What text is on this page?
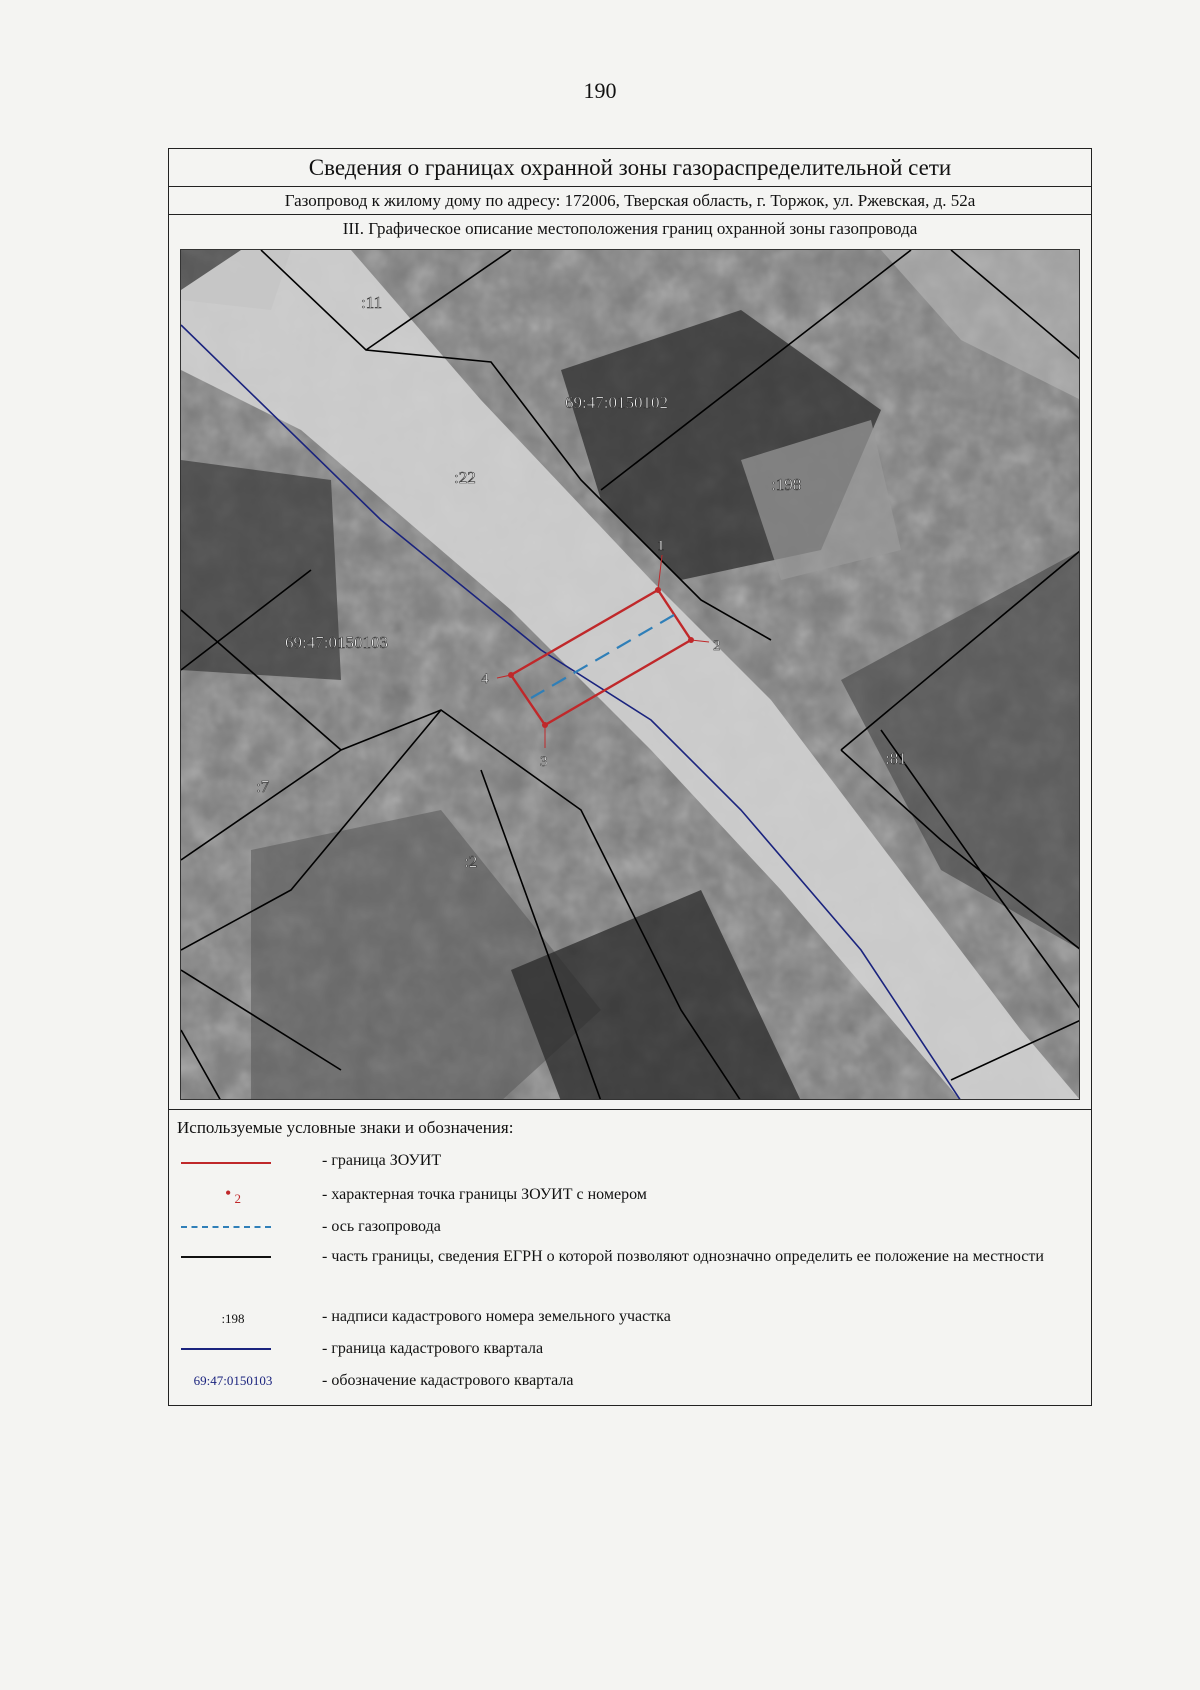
190
Сведения о границах охранной зоны газораспределительной сети
Газопровод к жилому дому по адресу: 172006, Тверская область, г. Торжок, ул. Ржевская, д. 52а
III. Графическое описание местоположения границ охранной зоны газопровода
1
2
3
4
:11
69:47:0150102
:22	:198
69:47:0150103
:7
:2
:81
Используемые условные знаки и обозначения:
- граница ЗОУИТ
• 2	- характерная точка границы ЗОУИТ с номером
- ось газопровода
- часть границы, сведения ЕГРН о которой позволяют однозначно определить ее положение на местности
:198	- надписи кадастрового номера земельного участка
- граница кадастрового квартала
69:47:0150103	- обозначение кадастрового квартала
